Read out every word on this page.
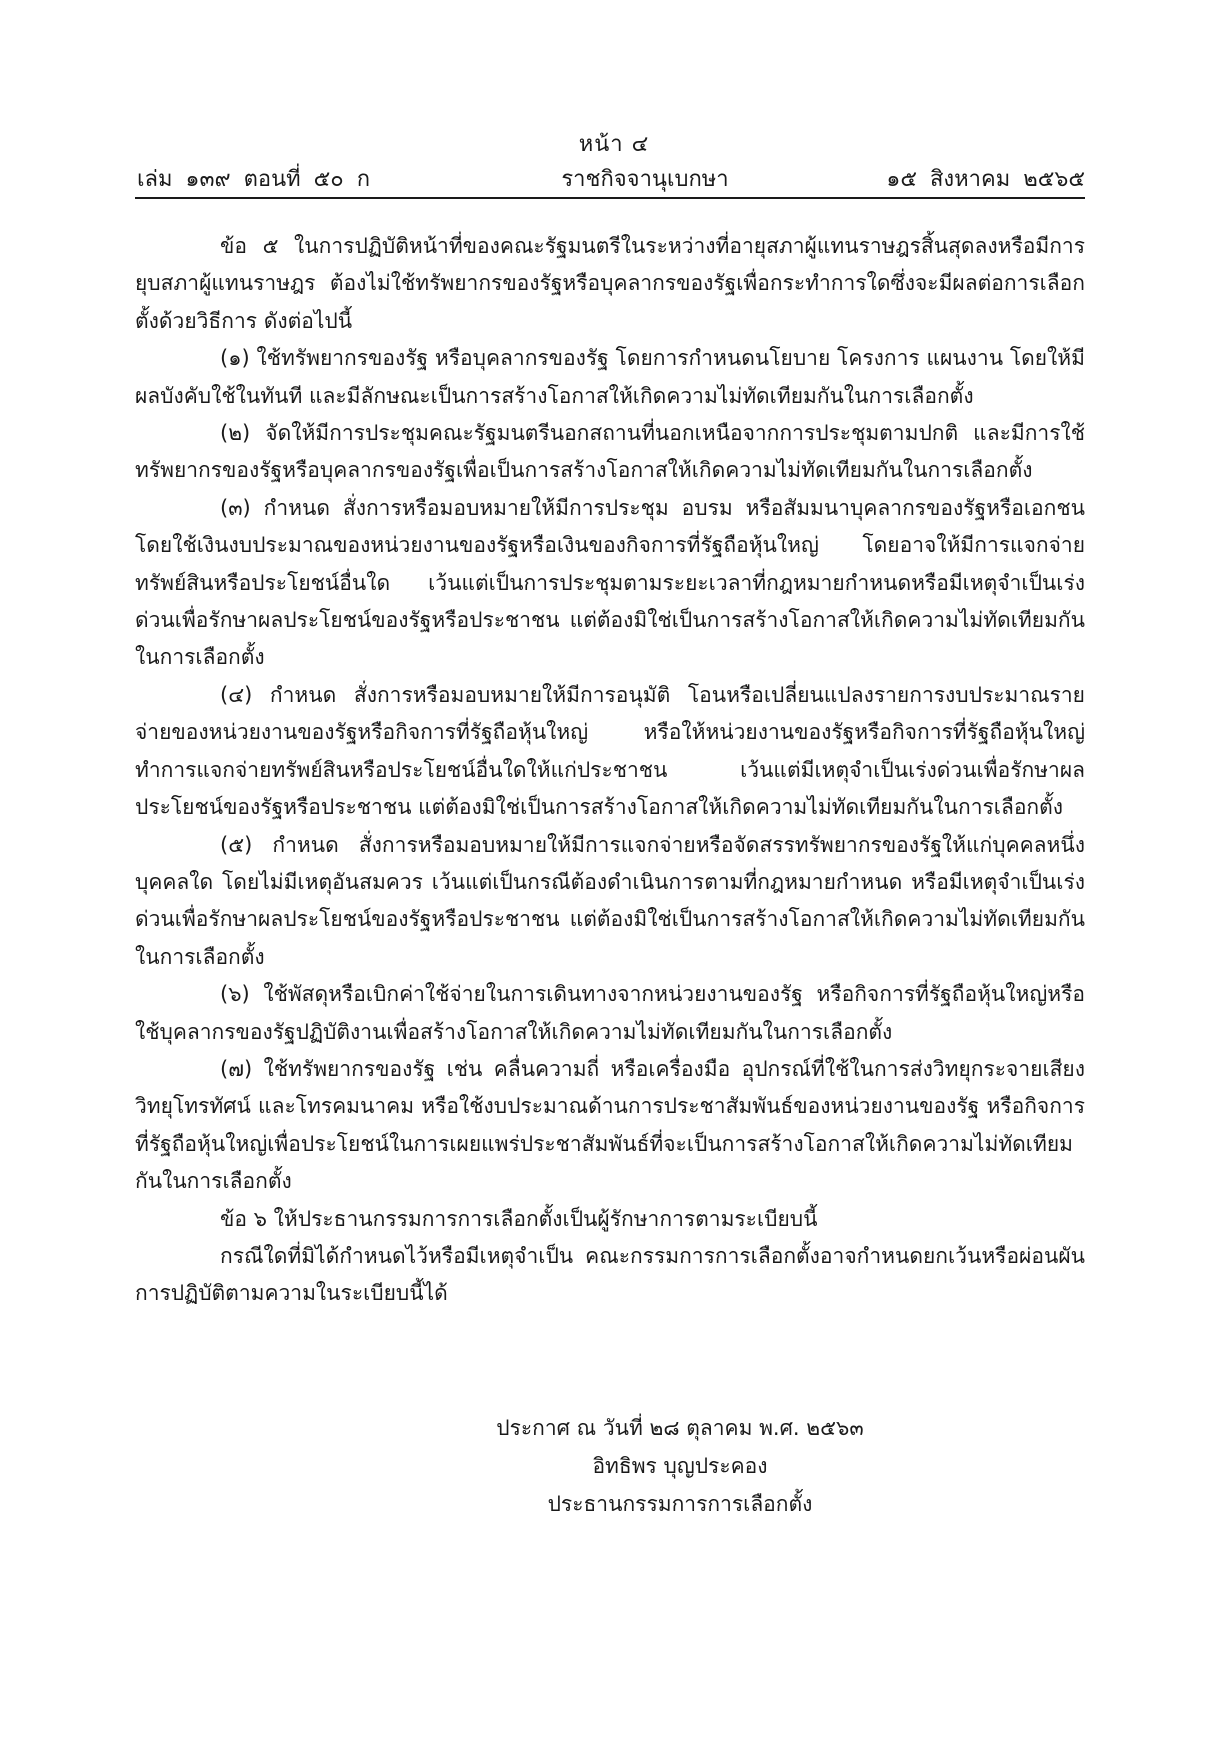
หน้า ๔
เล่ม ๑๓๙ ตอนที่ ๕๐ ก	ราชกิจจานุเบกษา	๑๕ สิงหาคม ๒๕๖๕

ข้อ ๕ ในการปฏิบัติหน้าที่ของคณะรัฐมนตรีในระหว่างที่อายุสภาผู้แทนราษฎรสิ้นสุดลงหรือมีการยุบสภาผู้แทนราษฎร ต้องไม่ใช้ทรัพยากรของรัฐหรือบุคลากรของรัฐเพื่อกระทำการใดซึ่งจะมีผลต่อการเลือกตั้งด้วยวิธีการ ดังต่อไปนี้

(๑) ใช้ทรัพยากรของรัฐ หรือบุคลากรของรัฐ โดยการกำหนดนโยบาย โครงการ แผนงาน โดยให้มีผลบังคับใช้ในทันที และมีลักษณะเป็นการสร้างโอกาสให้เกิดความไม่ทัดเทียมกันในการเลือกตั้ง

(๒) จัดให้มีการประชุมคณะรัฐมนตรีนอกสถานที่นอกเหนือจากการประชุมตามปกติ และมีการใช้ทรัพยากรของรัฐหรือบุคลากรของรัฐเพื่อเป็นการสร้างโอกาสให้เกิดความไม่ทัดเทียมกันในการเลือกตั้ง

(๓) กำหนด สั่งการหรือมอบหมายให้มีการประชุม อบรม หรือสัมมนาบุคลากรของรัฐหรือเอกชน โดยใช้เงินงบประมาณของหน่วยงานของรัฐหรือเงินของกิจการที่รัฐถือหุ้นใหญ่ โดยอาจให้มีการแจกจ่ายทรัพย์สินหรือประโยชน์อื่นใด เว้นแต่เป็นการประชุมตามระยะเวลาที่กฎหมายกำหนดหรือมีเหตุจำเป็นเร่งด่วนเพื่อรักษาผลประโยชน์ของรัฐหรือประชาชน แต่ต้องมิใช่เป็นการสร้างโอกาสให้เกิดความไม่ทัดเทียมกันในการเลือกตั้ง

(๔) กำหนด สั่งการหรือมอบหมายให้มีการอนุมัติ โอนหรือเปลี่ยนแปลงรายการงบประมาณรายจ่ายของหน่วยงานของรัฐหรือกิจการที่รัฐถือหุ้นใหญ่ หรือให้หน่วยงานของรัฐหรือกิจการที่รัฐถือหุ้นใหญ่ทำการแจกจ่ายทรัพย์สินหรือประโยชน์อื่นใดให้แก่ประชาชน เว้นแต่มีเหตุจำเป็นเร่งด่วนเพื่อรักษาผลประโยชน์ของรัฐหรือประชาชน แต่ต้องมิใช่เป็นการสร้างโอกาสให้เกิดความไม่ทัดเทียมกันในการเลือกตั้ง

(๕) กำหนด สั่งการหรือมอบหมายให้มีการแจกจ่ายหรือจัดสรรทรัพยากรของรัฐให้แก่บุคคลหนึ่งบุคคลใด โดยไม่มีเหตุอันสมควร เว้นแต่เป็นกรณีต้องดำเนินการตามที่กฎหมายกำหนด หรือมีเหตุจำเป็นเร่งด่วนเพื่อรักษาผลประโยชน์ของรัฐหรือประชาชน แต่ต้องมิใช่เป็นการสร้างโอกาสให้เกิดความไม่ทัดเทียมกันในการเลือกตั้ง

(๖) ใช้พัสดุหรือเบิกค่าใช้จ่ายในการเดินทางจากหน่วยงานของรัฐ หรือกิจการที่รัฐถือหุ้นใหญ่หรือใช้บุคลากรของรัฐปฏิบัติงานเพื่อสร้างโอกาสให้เกิดความไม่ทัดเทียมกันในการเลือกตั้ง

(๗) ใช้ทรัพยากรของรัฐ เช่น คลื่นความถี่ หรือเครื่องมือ อุปกรณ์ที่ใช้ในการส่งวิทยุกระจายเสียง วิทยุโทรทัศน์ และโทรคมนาคม หรือใช้งบประมาณด้านการประชาสัมพันธ์ของหน่วยงานของรัฐ หรือกิจการที่รัฐถือหุ้นใหญ่เพื่อประโยชน์ในการเผยแพร่ประชาสัมพันธ์ที่จะเป็นการสร้างโอกาสให้เกิดความไม่ทัดเทียมกันในการเลือกตั้ง

ข้อ ๖ ให้ประธานกรรมการการเลือกตั้งเป็นผู้รักษาการตามระเบียบนี้

กรณีใดที่มิได้กำหนดไว้หรือมีเหตุจำเป็น คณะกรรมการการเลือกตั้งอาจกำหนดยกเว้นหรือผ่อนผันการปฏิบัติตามความในระเบียบนี้ได้

ประกาศ ณ วันที่ ๒๘ ตุลาคม พ.ศ. ๒๕๖๓
อิทธิพร บุญประคอง
ประธานกรรมการการเลือกตั้ง
